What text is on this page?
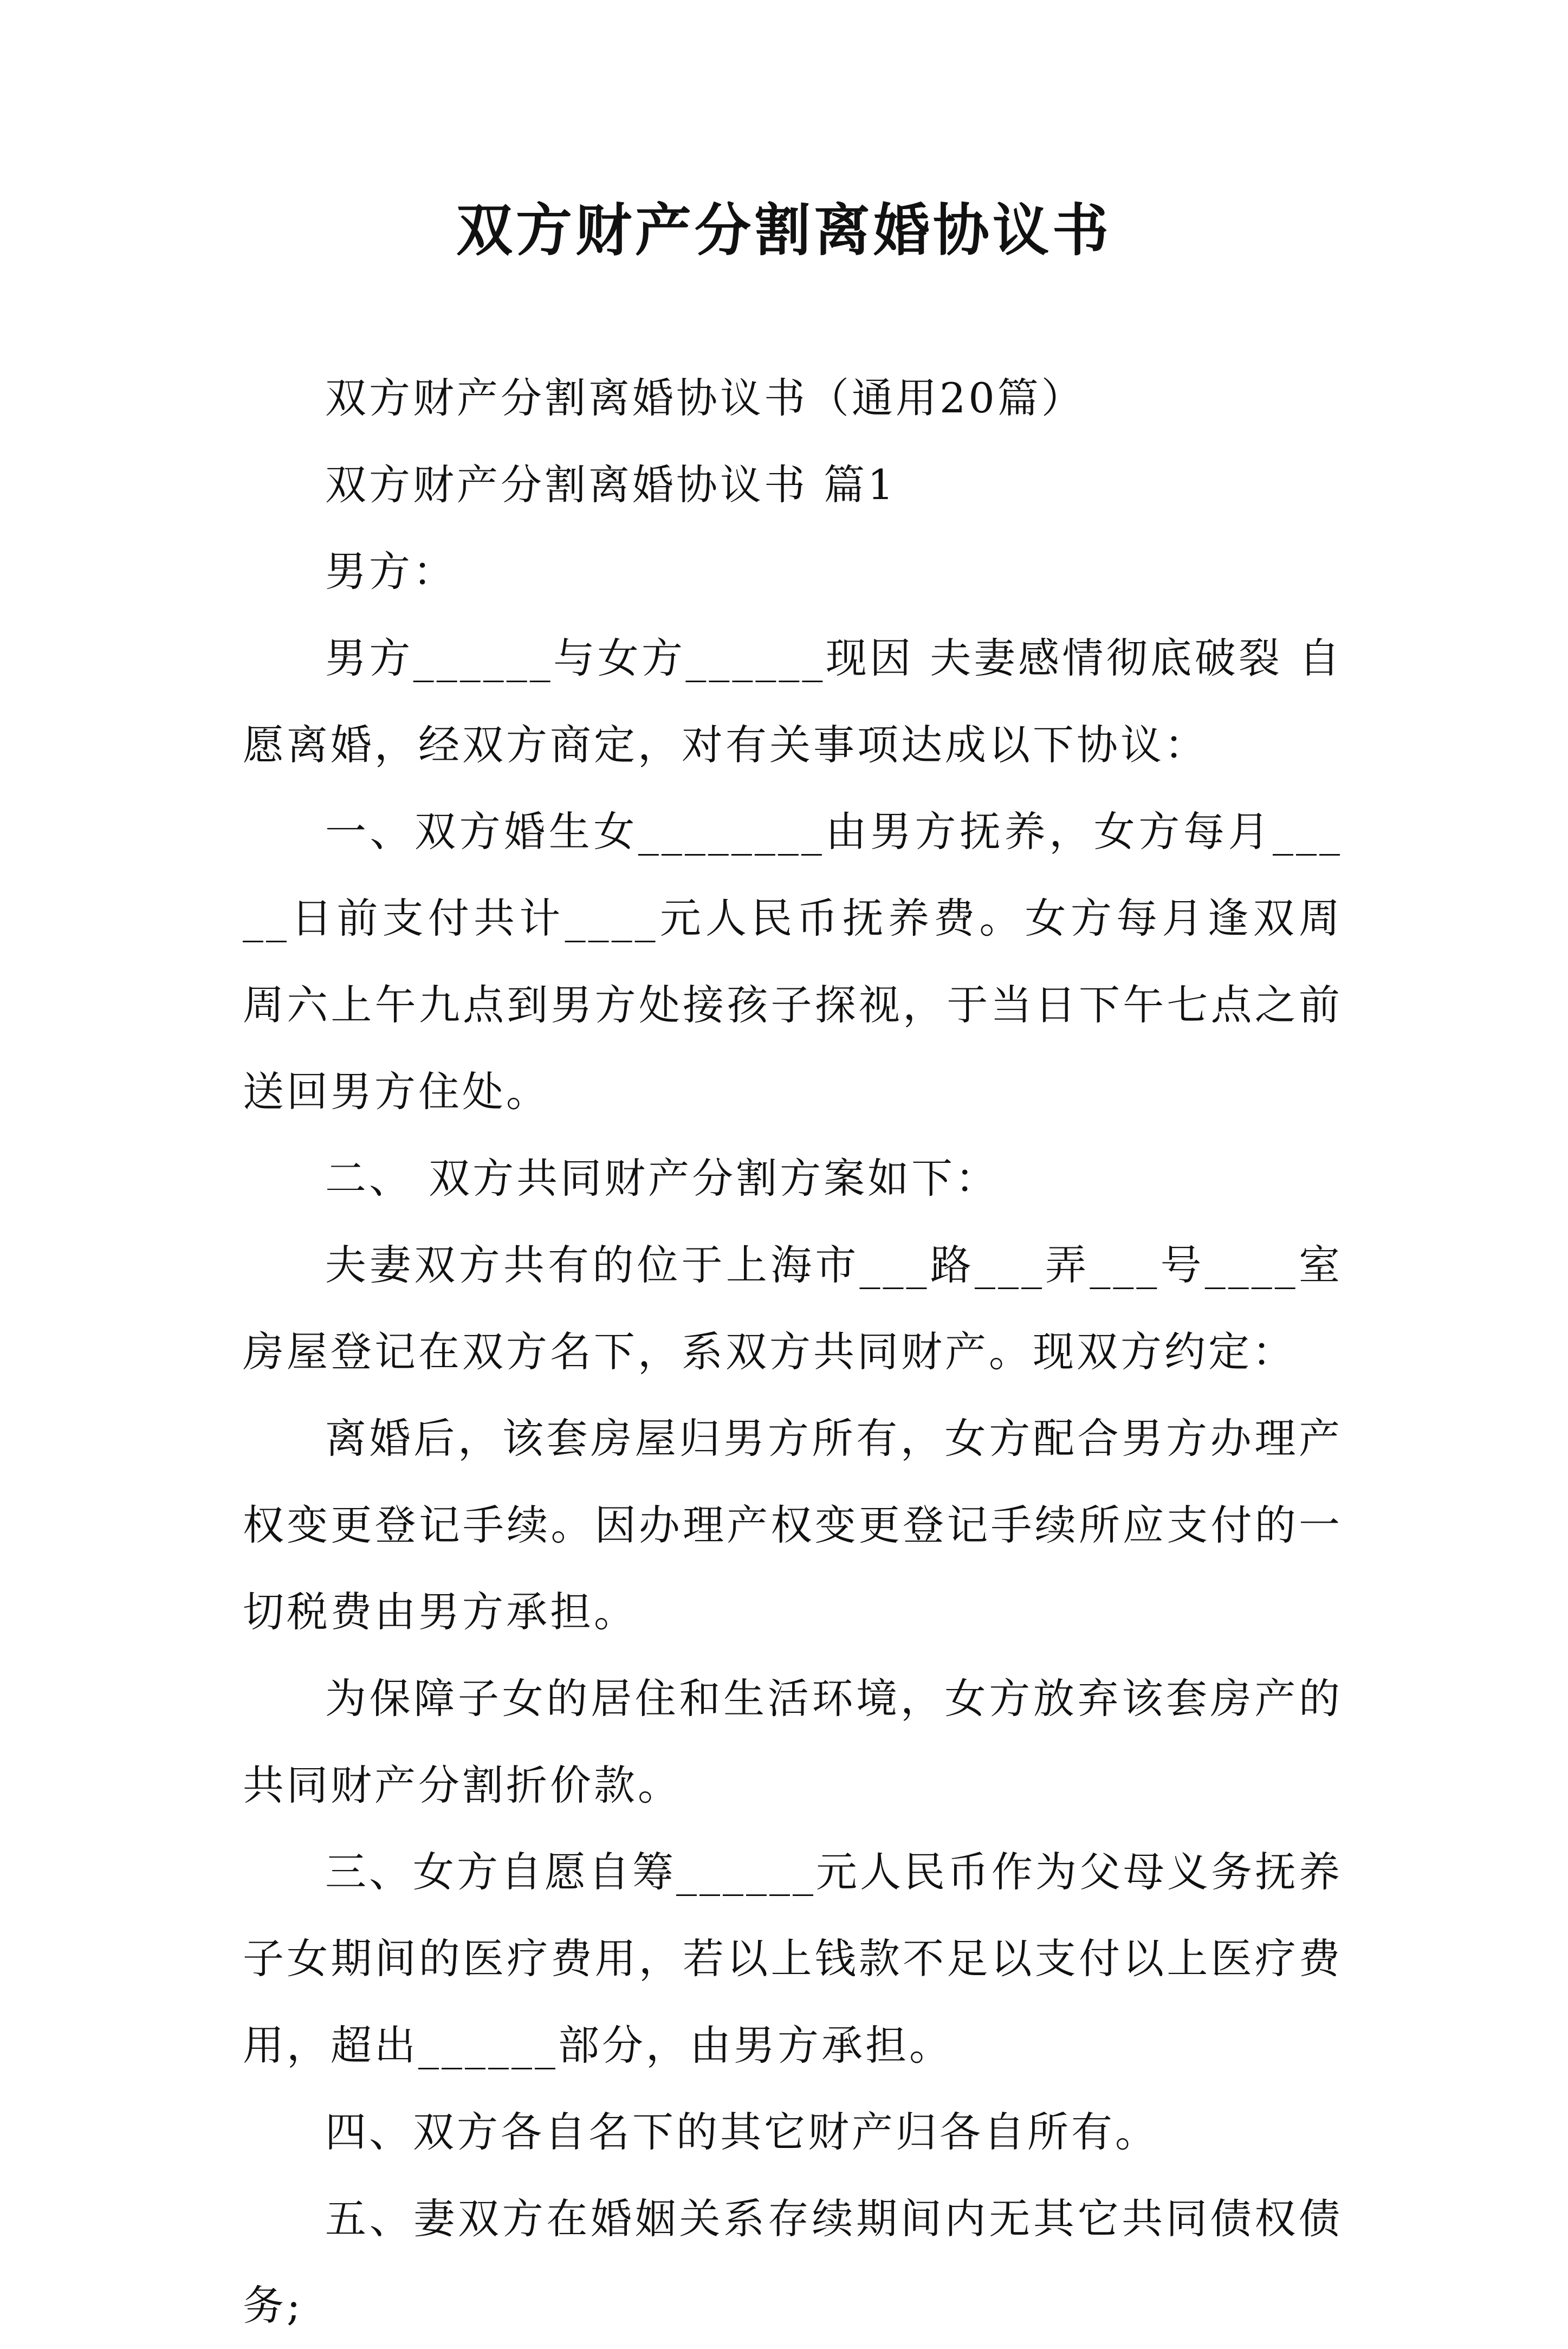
双方财产分割离婚协议书

双方财产分割离婚协议书（通用20篇）

双方财产分割离婚协议书 篇1

男方：

男方______与女方______现因 夫妻感情彻底破裂 自愿离婚，经双方商定，对有关事项达成以下协议：

一、双方婚生女________由男方抚养，女方每月_____日前支付共计____元人民币抚养费。女方每月逢双周周六上午九点到男方处接孩子探视，于当日下午七点之前送回男方住处。

二、 双方共同财产分割方案如下：

夫妻双方共有的位于上海市___路___弄___号____室房屋登记在双方名下，系双方共同财产。现双方约定：

离婚后，该套房屋归男方所有，女方配合男方办理产权变更登记手续。因办理产权变更登记手续所应支付的一切税费由男方承担。

为保障子女的居住和生活环境，女方放弃该套房产的共同财产分割折价款。

三、女方自愿自筹______元人民币作为父母义务抚养子女期间的医疗费用，若以上钱款不足以支付以上医疗费用，超出______部分，由男方承担。

四、双方各自名下的其它财产归各自所有。

五、妻双方在婚姻关系存续期间内无其它共同债权债务;
